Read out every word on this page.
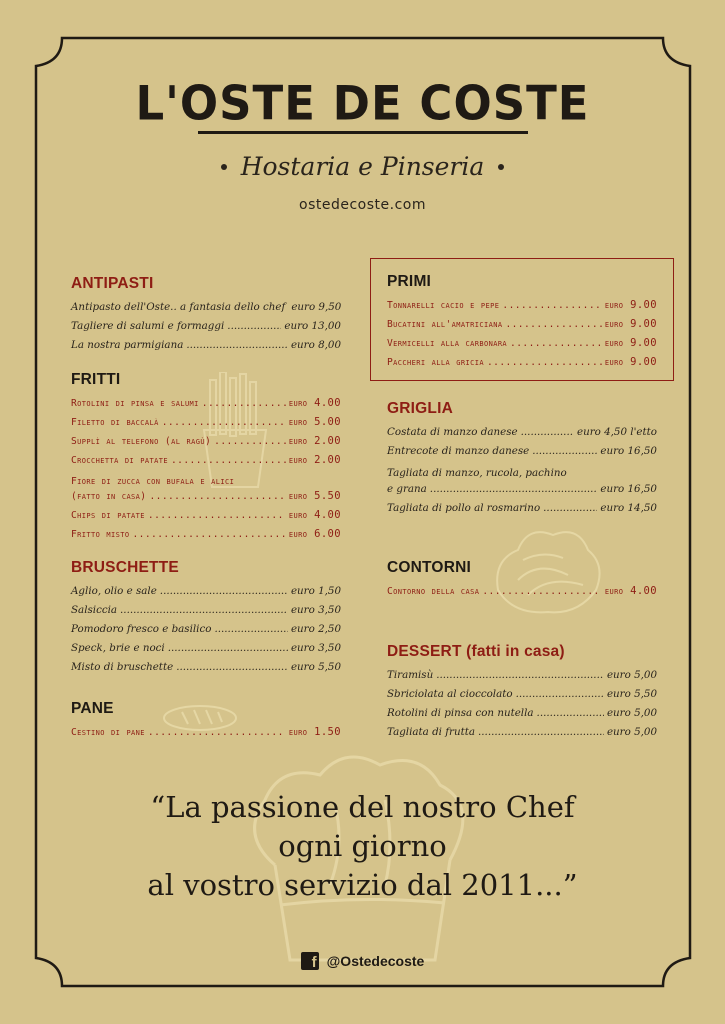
L'OSTE DE COSTE
Hostaria e Pinseria
ostedecoste.com
ANTIPASTI
Antipasto dell'Oste.. a fantasia dello chef euro 9,50
Tagliere di salumi e formaggi .....	euro 13,00
La nostra parmigiana .....	euro 8,00
FRITTI
Rotolini di pinsa e salumi .....	euro 4.00
Filetto di baccalà .....	euro 5.00
Supplì al telefono (al ragù) .....	euro 2.00
Crocchetta di patate .....	euro 2.00
Fiore di zucca con bufala e alici
(fatto in casa) .....	euro 5.50
Chips di patate .....	euro 4.00
Fritto misto .....	euro 6.00
BRUSCHETTE
Aglio, olio e sale .....	euro 1,50
Salsiccia .....	euro 3,50
Pomodoro fresco e basilico .....	euro 2,50
Speck, brie e noci .....	euro 3,50
Misto di bruschette .....	euro 5,50
PANE
Cestino di pane .....	euro 1.50
PRIMI
Tonnarelli cacio e pepe .....	euro 9.00
Bucatini all'amatriciana .....	euro 9.00
Vermicelli alla carbonara .....	euro 9.00
Paccheri alla gricia .....	euro 9.00
GRIGLIA
Costata di manzo danese .....	euro 4,50 l'etto
Entrecote di manzo danese .....	euro 16,50
Tagliata di manzo, rucola, pachino
e grana .....	euro 16,50
Tagliata di pollo al rosmarino .....	euro 14,50
CONTORNI
Contorno della casa .....	euro 4.00
DESSERT (fatti in casa)
Tiramisù .....	euro 5,00
Sbriciolata al cioccolato .....	euro 5,50
Rotolini di pinsa con nutella .....	euro 5,00
Tagliata di frutta .....	euro 5,00
“La passione del nostro Chef
ogni giorno
al vostro servizio dal 2011...”
f @Ostedecoste
